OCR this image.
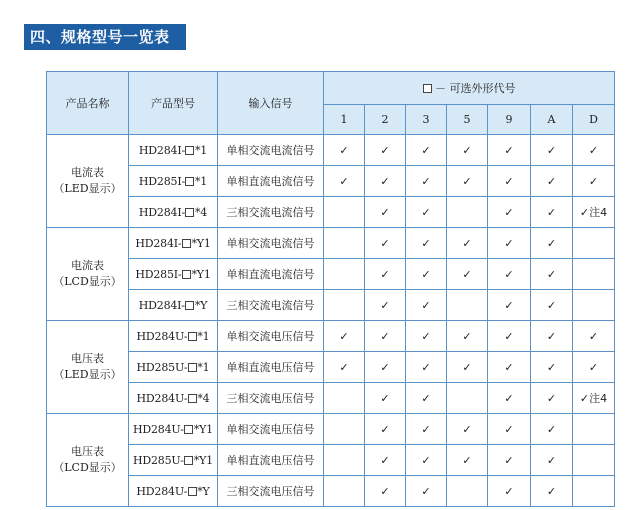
四、规格型号一览表
产品名称	产品型号	输入信号	－ 可选外形代号						
			1	2	3	5	9	A	D

电流表
（LED显示）	HD284I- *1	单相交流电流信号	✓	✓	✓	✓	✓	✓	✓
	HD285I- *1	单相直流电流信号	✓	✓	✓	✓	✓	✓	✓
	HD284I- *4	三相交流电流信号		✓	✓		✓	✓	✓注4

电流表
（LCD显示）	HD284I- *Y1	单相交流电流信号		✓	✓	✓	✓	✓	
	HD285I- *Y1	单相直流电流信号		✓	✓	✓	✓	✓	
	HD284I- *Y	三相交流电流信号		✓	✓		✓	✓	

电压表
（LED显示）	HD284U- *1	单相交流电压信号	✓	✓	✓	✓	✓	✓	✓
	HD285U- *1	单相直流电压信号	✓	✓	✓	✓	✓	✓	✓
	HD284U- *4	三相交流电压信号		✓	✓		✓	✓	✓注4

电压表
（LCD显示）	HD284U- *Y1	单相交流电压信号		✓	✓	✓	✓	✓	
	HD285U- *Y1	单相直流电压信号		✓	✓	✓	✓	✓	
	HD284U- *Y	三相交流电压信号		✓	✓		✓	✓	
